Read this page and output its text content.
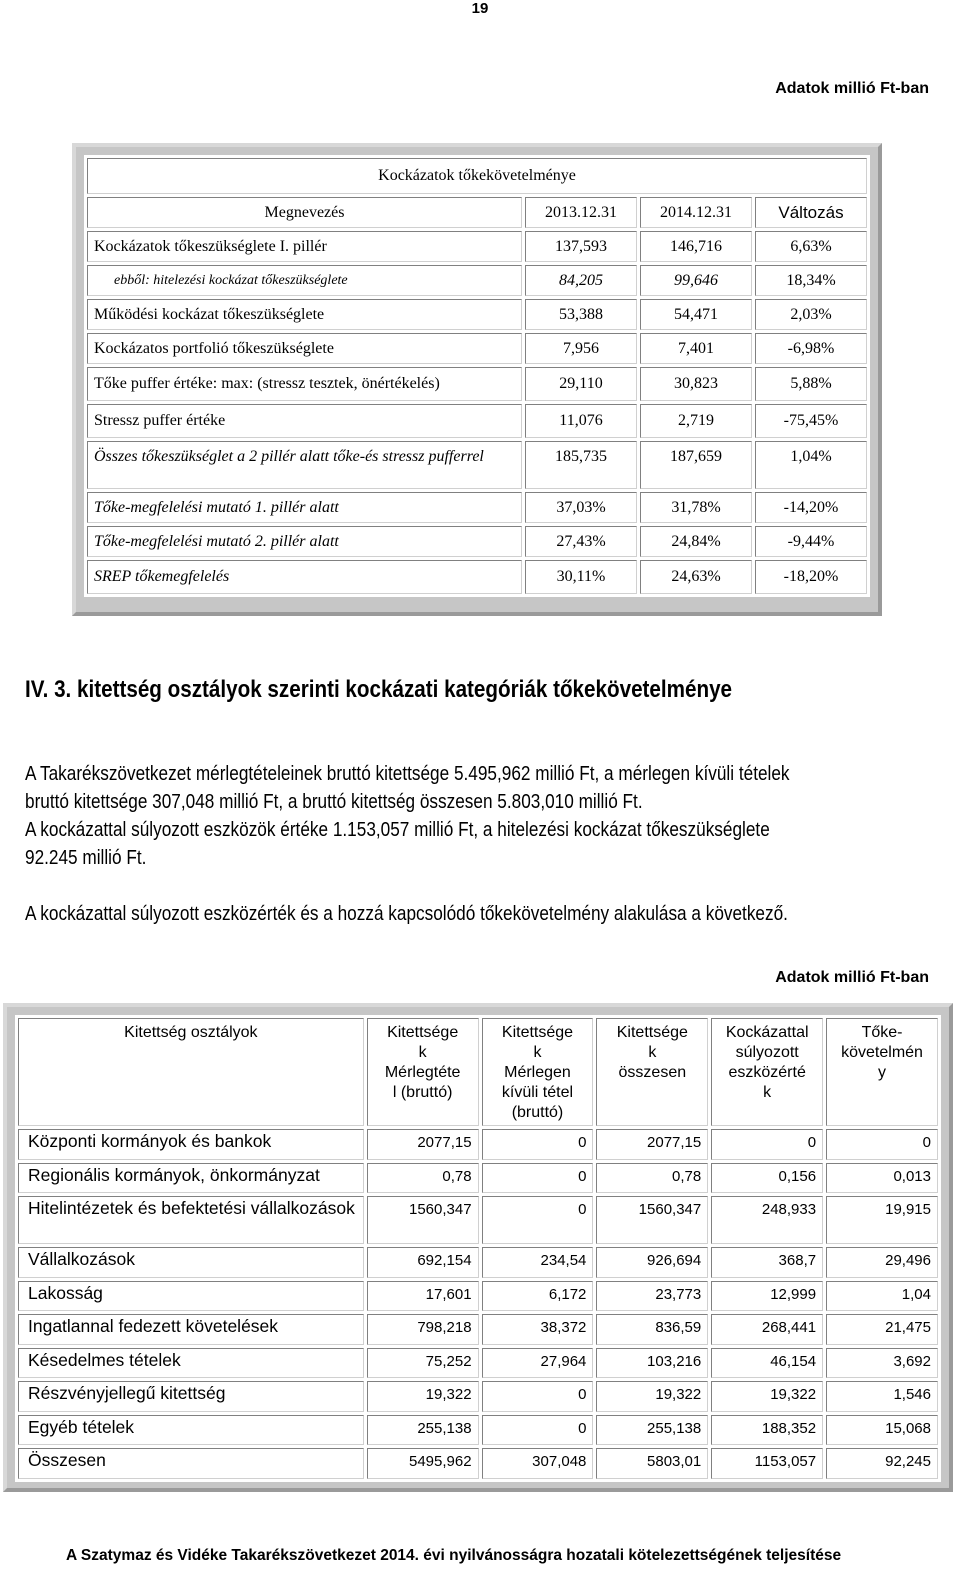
19
Adatok millió Ft-ban
Kockázatok tőkekövetelménye			
Megnevezés	2013.12.31	2014.12.31	Változás
Kockázatok tőkeszükséglete I. pillér	137,593	146,716	6,63%
ebből: hitelezési kockázat tőkeszükséglete	84,205	99,646	18,34%
Működési kockázat tőkeszükséglete	53,388	54,471	2,03%
Kockázatos portfolió tőkeszükséglete	7,956	7,401	-6,98%
Tőke puffer értéke: max: (stressz tesztek, önértékelés)	29,110	30,823	5,88%
Stressz puffer értéke	11,076	2,719	-75,45%
Összes tőkeszükséglet a 2 pillér alatt tőke-és stressz pufferrel	185,735	187,659	1,04%
Tőke-megfelelési mutató 1. pillér alatt	37,03%	31,78%	-14,20%
Tőke-megfelelési mutató 2. pillér alatt	27,43%	24,84%	-9,44%
SREP tőkemegfelelés	30,11%	24,63%	-18,20%
IV. 3. kitettség osztályok szerinti kockázati kategóriák tőkekövetelménye
A Takarékszövetkezet mérlegtételeinek bruttó kitettsége 5.495,962 millió Ft, a mérlegen kívüli tételek
bruttó kitettsége 307,048 millió Ft, a bruttó kitettség összesen 5.803,010 millió Ft.
A kockázattal súlyozott eszközök értéke 1.153,057 millió Ft, a hitelezési kockázat tőkeszükséglete
92.245 millió Ft.
A kockázattal súlyozott eszközérték és a hozzá kapcsolódó tőkekövetelmény alakulása a következő.
Adatok millió Ft-ban
Kitettség osztályok	Kitettsége
k
Mérlegtéte
l (bruttó)	Kitettsége
k
Mérlegen
kívüli tétel
(bruttó)	Kitettsége
k
összesen	Kockázattal
súlyozott
eszközérté
k	Tőke-
követelmén
y
Központi kormányok és bankok	2077,15	0	2077,15	0	0
Regionális kormányok, önkormányzat	0,78	0	0,78	0,156	0,013
Hitelintézetek és befektetési vállalkozások	1560,347	0	1560,347	248,933	19,915
Vállalkozások	692,154	234,54	926,694	368,7	29,496
Lakosság	17,601	6,172	23,773	12,999	1,04
Ingatlannal fedezett követelések	798,218	38,372	836,59	268,441	21,475
Késedelmes tételek	75,252	27,964	103,216	46,154	3,692
Részvényjellegű kitettség	19,322	0	19,322	19,322	1,546
Egyéb tételek	255,138	0	255,138	188,352	15,068
Összesen	5495,962	307,048	5803,01	1153,057	92,245
A Szatymaz és Vidéke Takarékszövetkezet 2014. évi nyilvánosságra hozatali kötelezettségének teljesítése
